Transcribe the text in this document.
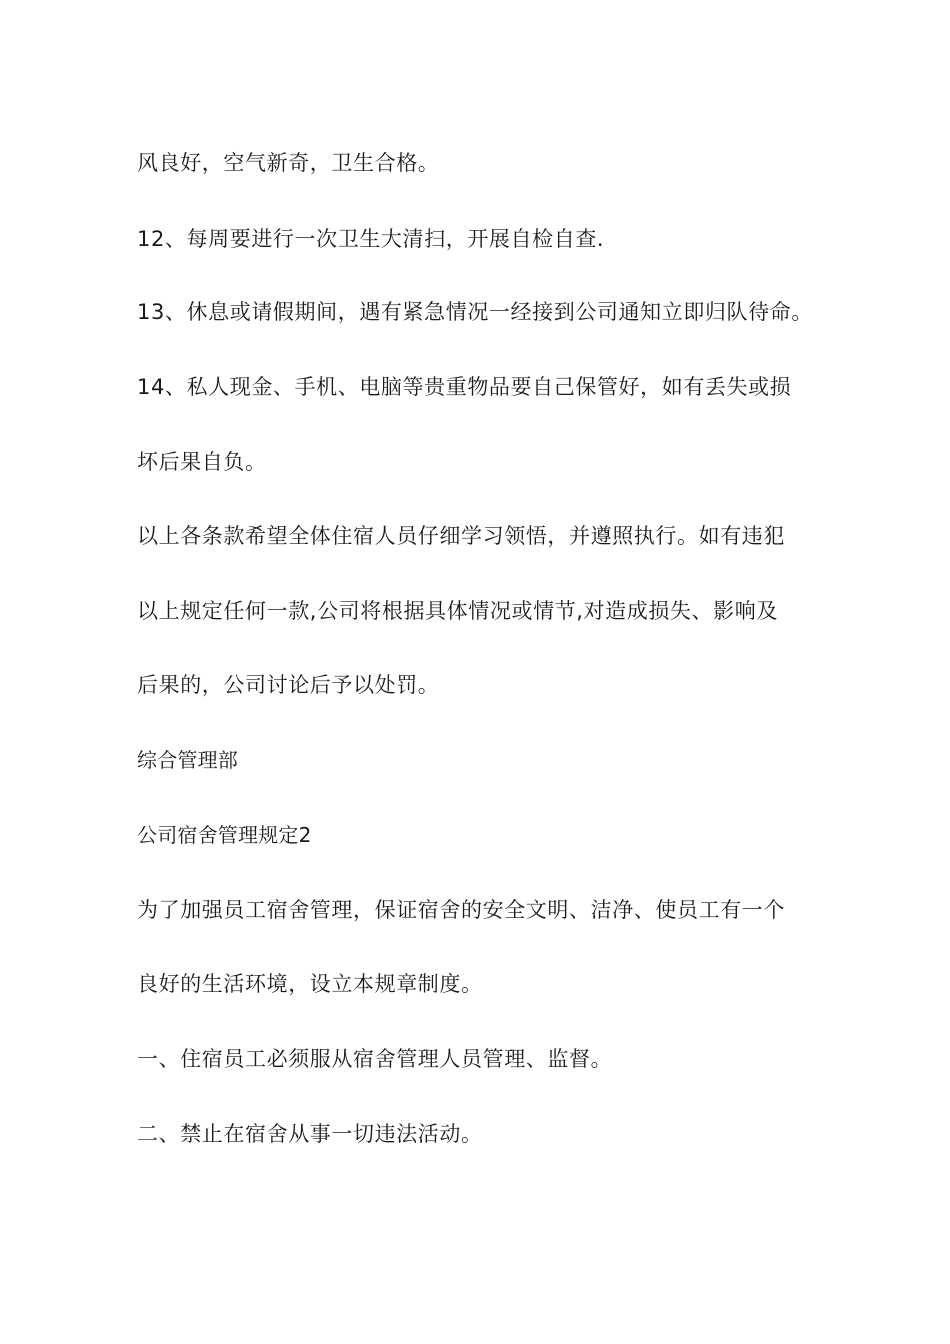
风良好，空气新奇，卫生合格。

12、每周要进行一次卫生大清扫，开展自检自查.

13、休息或请假期间，遇有紧急情况一经接到公司通知立即归队待命。

14、私人现金、手机、电脑等贵重物品要自己保管好，如有丢失或损

坏后果自负。

以上各条款希望全体住宿人员仔细学习领悟，并遵照执行。如有违犯

以上规定任何一款,公司将根据具体情况或情节,对造成损失、影响及

后果的，公司讨论后予以处罚。

综合管理部

公司宿舍管理规定2

为了加强员工宿舍管理，保证宿舍的安全文明、洁净、使员工有一个

良好的生活环境，设立本规章制度。

一、住宿员工必须服从宿舍管理人员管理、监督。

二、禁止在宿舍从事一切违法活动。
